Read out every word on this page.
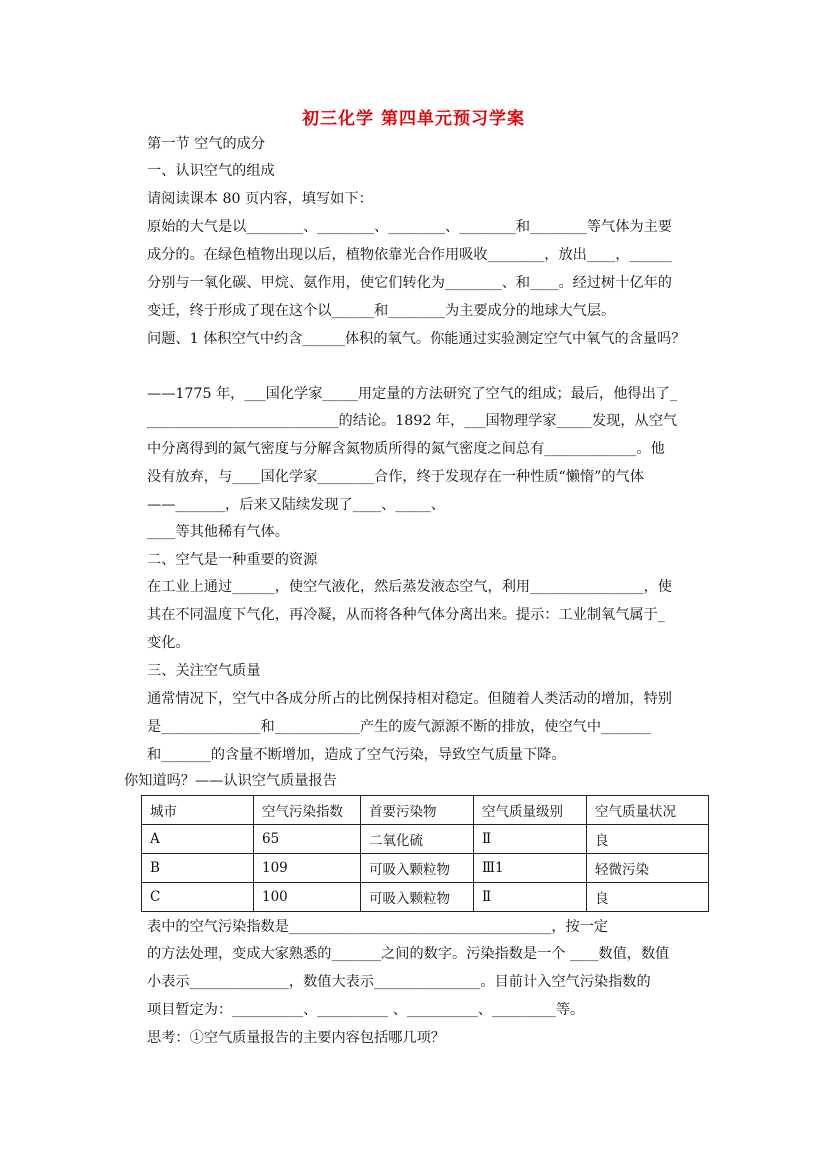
初三化学 第四单元预习学案
第一节 空气的成分
一、认识空气的组成
请阅读课本 80 页内容，填写如下：
原始的大气是以________、________、________、________和________等气体为主要
成分的。在绿色植物出现以后，植物依靠光合作用吸收________，放出____，______
分别与一氧化碳、甲烷、氨作用，使它们转化为________、和____。经过树十亿年的
变迁，终于形成了现在这个以______和________为主要成分的地球大气层。
问题、1 体积空气中约含______体积的氧气。你能通过实验测定空气中氧气的含量吗？
——1775 年，___国化学家_____用定量的方法研究了空气的组成；最后，他得出了_
___________________________的结论。1892 年，___国物理学家_____发现，从空气
中分离得到的氮气密度与分解含氮物质所得的氮气密度之间总有_____________。他
没有放弃，与____国化学家________合作，终于发现存在一种性质“懒惰”的气体
——_______，后来又陆续发现了____、_____、
____等其他稀有气体。
二、空气是一种重要的资源
在工业上通过______，使空气液化，然后蒸发液态空气，利用________________，使
其在不同温度下气化，再冷凝，从而将各种气体分离出来。提示：工业制氧气属于_
变化。
三、关注空气质量
通常情况下，空气中各成分所占的比例保持相对稳定。但随着人类活动的增加，特别
是______________和____________产生的废气源源不断的排放，使空气中_______
和_______的含量不断增加，造成了空气污染，导致空气质量下降。
你知道吗？——认识空气质量报告
城市	空气污染指数	首要污染物	空气质量级别	空气质量状况
A	65	二氧化硫	Ⅱ	良
B	109	可吸入颗粒物	Ⅲ1	轻微污染
C	100	可吸入颗粒物	Ⅱ	良
表中的空气污染指数是_____________________________________，按一定
的方法处理，变成大家熟悉的_______之间的数字。污染指数是一个 ____数值，数值
小表示______________，数值大表示_______________。目前计入空气污染指数的
项目暂定为：__________、__________ 、__________、_________等。
思考：①空气质量报告的主要内容包括哪几项？
